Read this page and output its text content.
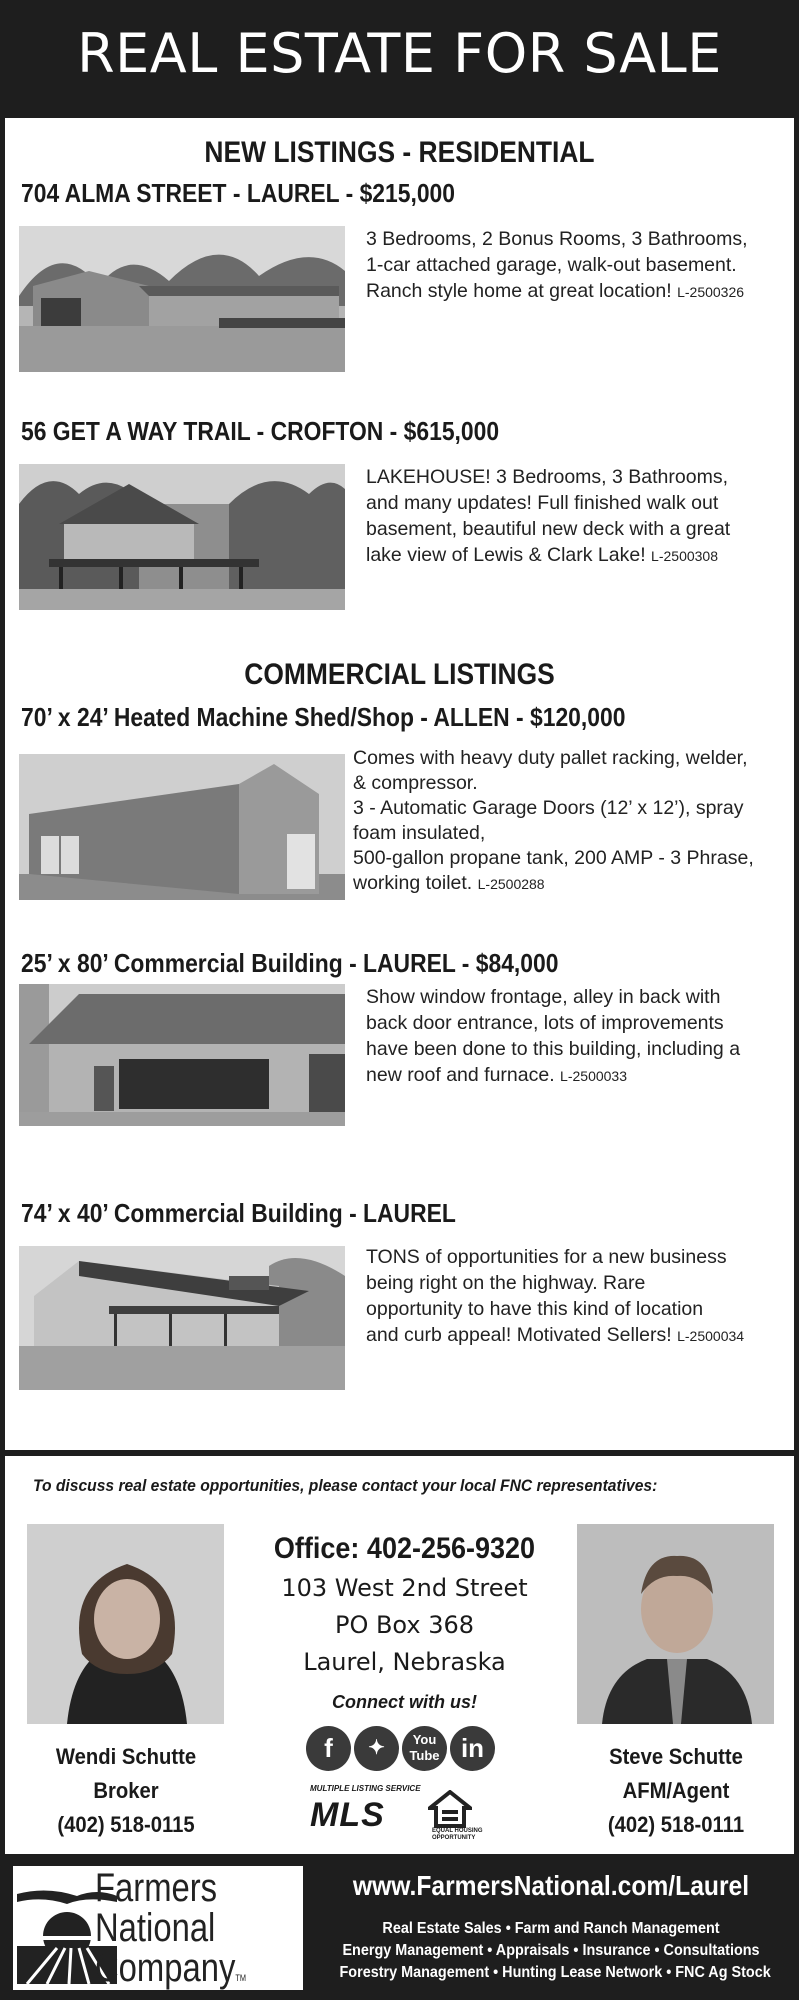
REAL ESTATE FOR SALE
NEW LISTINGS - RESIDENTIAL
704 ALMA STREET - LAUREL - $215,000
3 Bedrooms, 2 Bonus Rooms, 3 Bathrooms,
1-car attached garage, walk-out basement.
Ranch style home at great location! L-2500326
56 GET A WAY TRAIL - CROFTON - $615,000
LAKEHOUSE! 3 Bedrooms, 3 Bathrooms,
and many updates! Full finished walk out
basement, beautiful new deck with a great
lake view of Lewis & Clark Lake! L-2500308
COMMERCIAL LISTINGS
70’ x 24’ Heated Machine Shed/Shop - ALLEN - $120,000
Comes with heavy duty pallet racking, welder,
& compressor.
3 - Automatic Garage Doors (12’ x 12’), spray
foam insulated,
500-gallon propane tank, 200 AMP - 3 Phrase,
working toilet. L-2500288
25’ x 80’ Commercial Building - LAUREL - $84,000
Show window frontage, alley in back with
back door entrance, lots of improvements
have been done to this building, including a
new roof and furnace. L-2500033
74’ x 40’ Commercial Building - LAUREL
TONS of opportunities for a new business
being right on the highway. Rare
opportunity to have this kind of location
and curb appeal! Motivated Sellers! L-2500034
To discuss real estate opportunities, please contact your local FNC representatives:
Wendi Schutte
Broker
(402) 518-0115
Office: 402-256-9320
103 West 2nd Street
PO Box 368
Laurel, Nebraska
Connect with us!
f	✦	You
Tube in
MULTIPLE LISTING SERVICE
MLS	EQUAL HOUSING
OPPORTUNITY
Steve Schutte
AFM/Agent
(402) 518-0111
Farmers
National
CompanyTM
www.FarmersNational.com/Laurel
Real Estate Sales • Farm and Ranch Management
Energy Management • Appraisals • Insurance • Consultations
Forestry Management • Hunting Lease Network • FNC Ag Stock
